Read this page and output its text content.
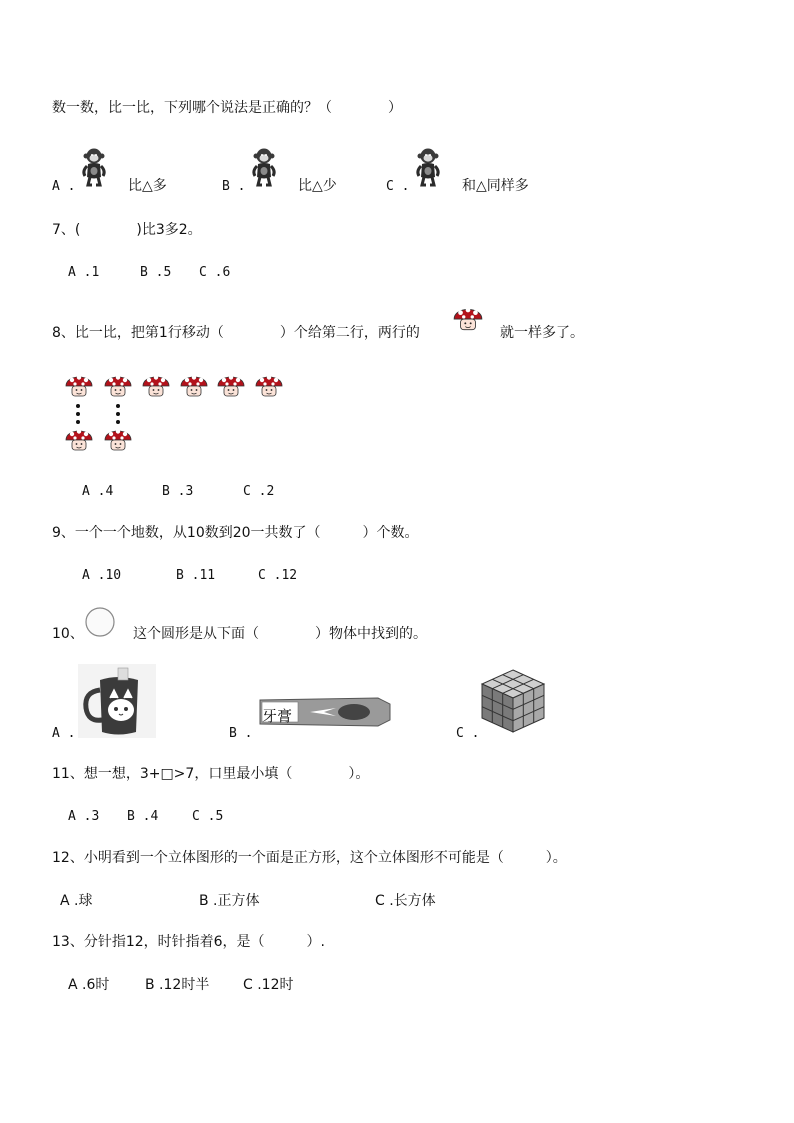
数一数，比一比，下列哪个说法是正确的？（　　　　）
A .	比△多	B .	比△少	C .	和△同样多
7、(　　　　)比3多2。
A .1	B .5 C .6
8、比一比，把第1行移动（　　　　）个给第二行，两行的	就一样多了。
A .4	B .3	C .2
9、一个一个地数，从10数到20一共数了（　　　）个数。
A .10	B .11	C .12
10、	这个圆形是从下面（　　　　）物体中找到的。
A .	B .
牙膏
C .
11、想一想，3+□>7，口里最小填（　　　　）。
A .3 B .4	C .5
12、小明看到一个立体图形的一个面是正方形，这个立体图形不可能是（　　　）。
A .球	B .正方体	C .长方体
13、分针指12，时针指着6，是（　　　）.
A .6时	B .12时半 C .12时
